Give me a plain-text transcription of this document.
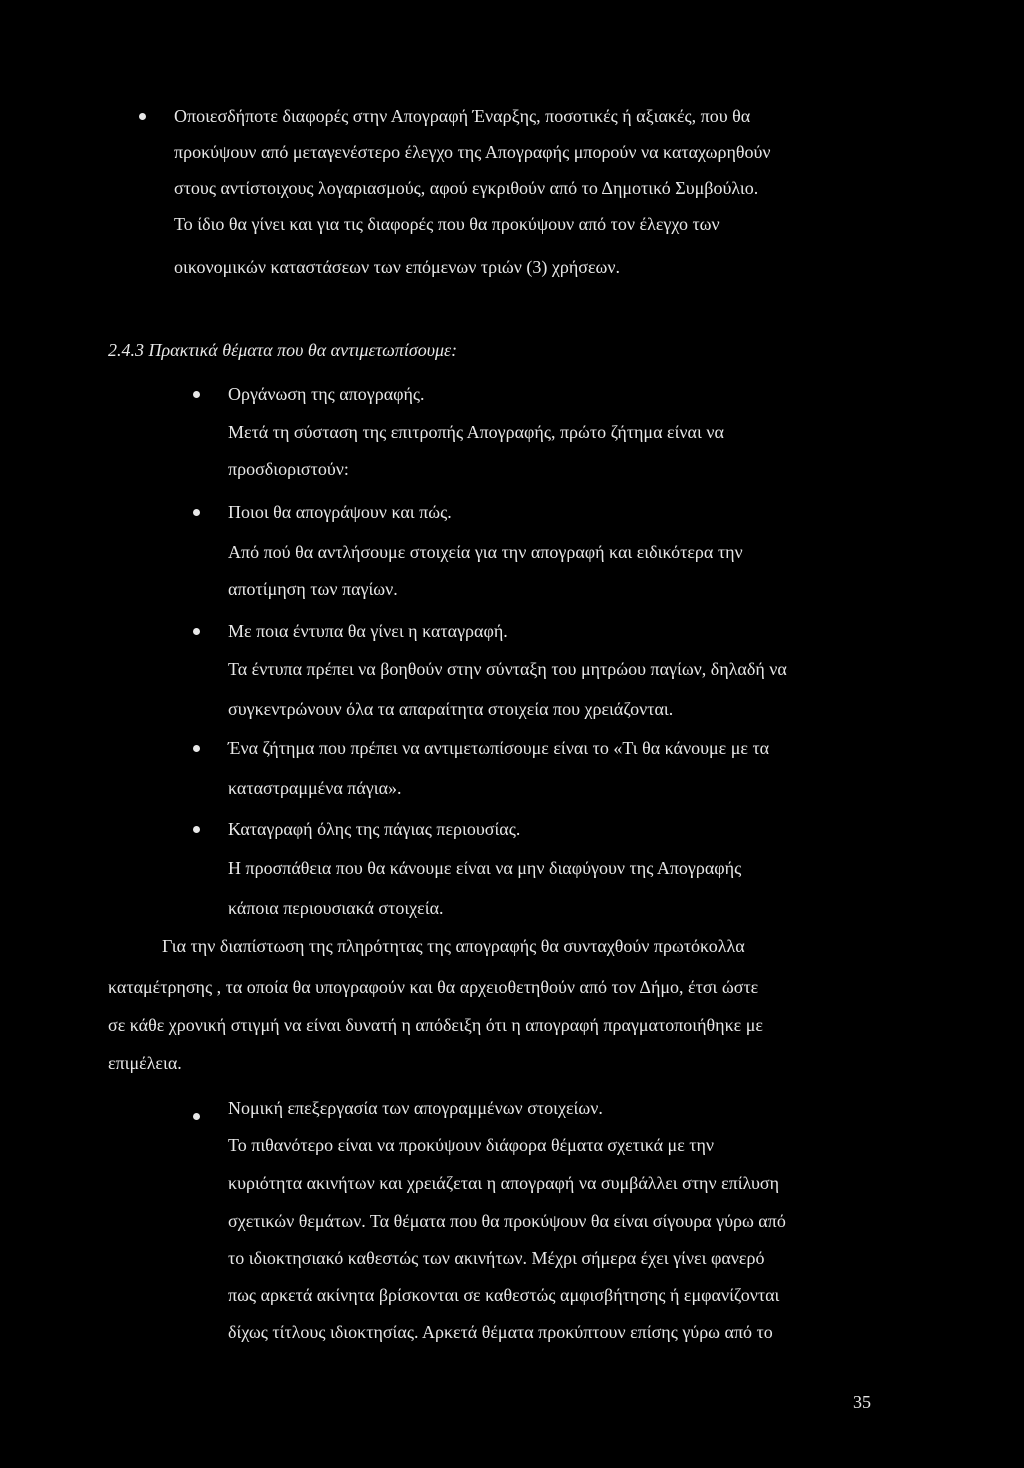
Οποιεσδήποτε διαφορές στην Απογραφή Έναρξης, ποσοτικές ή αξιακές, που θα
προκύψουν από μεταγενέστερο έλεγχο της Απογραφής μπορούν να καταχωρηθούν
στους αντίστοιχους λογαριασμούς, αφού εγκριθούν από το Δημοτικό Συμβούλιο.
Το ίδιο θα γίνει και για τις διαφορές που θα προκύψουν από τον έλεγχο των
οικονομικών καταστάσεων των επόμενων τριών (3) χρήσεων.
2.4.3 Πρακτικά θέματα που θα αντιμετωπίσουμε:
Οργάνωση της απογραφής.
Μετά τη σύσταση της επιτροπής Απογραφής, πρώτο ζήτημα είναι να
προσδιοριστούν:
Ποιοι θα απογράψουν και πώς.
Από πού θα αντλήσουμε στοιχεία για την απογραφή και ειδικότερα την
αποτίμηση των παγίων.
Με ποια έντυπα θα γίνει η καταγραφή.
Τα έντυπα πρέπει να βοηθούν στην σύνταξη του μητρώου παγίων, δηλαδή να
συγκεντρώνουν όλα τα απαραίτητα στοιχεία που χρειάζονται.
Ένα ζήτημα που πρέπει να αντιμετωπίσουμε είναι το «Τι θα κάνουμε με τα
καταστραμμένα πάγια».
Καταγραφή όλης της πάγιας περιουσίας.
Η προσπάθεια που θα κάνουμε είναι να μην διαφύγουν της Απογραφής
κάποια περιουσιακά στοιχεία.
Για την διαπίστωση της πληρότητας της απογραφής θα συνταχθούν πρωτόκολλα
καταμέτρησης , τα οποία θα υπογραφούν και θα αρχειοθετηθούν από τον Δήμο, έτσι ώστε
σε κάθε χρονική στιγμή να είναι δυνατή η απόδειξη ότι η απογραφή πραγματοποιήθηκε με
επιμέλεια.
Νομική επεξεργασία των απογραμμένων στοιχείων.
Το πιθανότερο είναι να προκύψουν διάφορα θέματα σχετικά με την
κυριότητα ακινήτων και χρειάζεται η απογραφή να συμβάλλει στην επίλυση
σχετικών θεμάτων. Τα θέματα που θα προκύψουν θα είναι σίγουρα γύρω από
το ιδιοκτησιακό καθεστώς των ακινήτων. Μέχρι σήμερα έχει γίνει φανερό
πως αρκετά ακίνητα βρίσκονται σε καθεστώς αμφισβήτησης ή εμφανίζονται
δίχως τίτλους ιδιοκτησίας. Αρκετά θέματα προκύπτουν επίσης γύρω από το
35
